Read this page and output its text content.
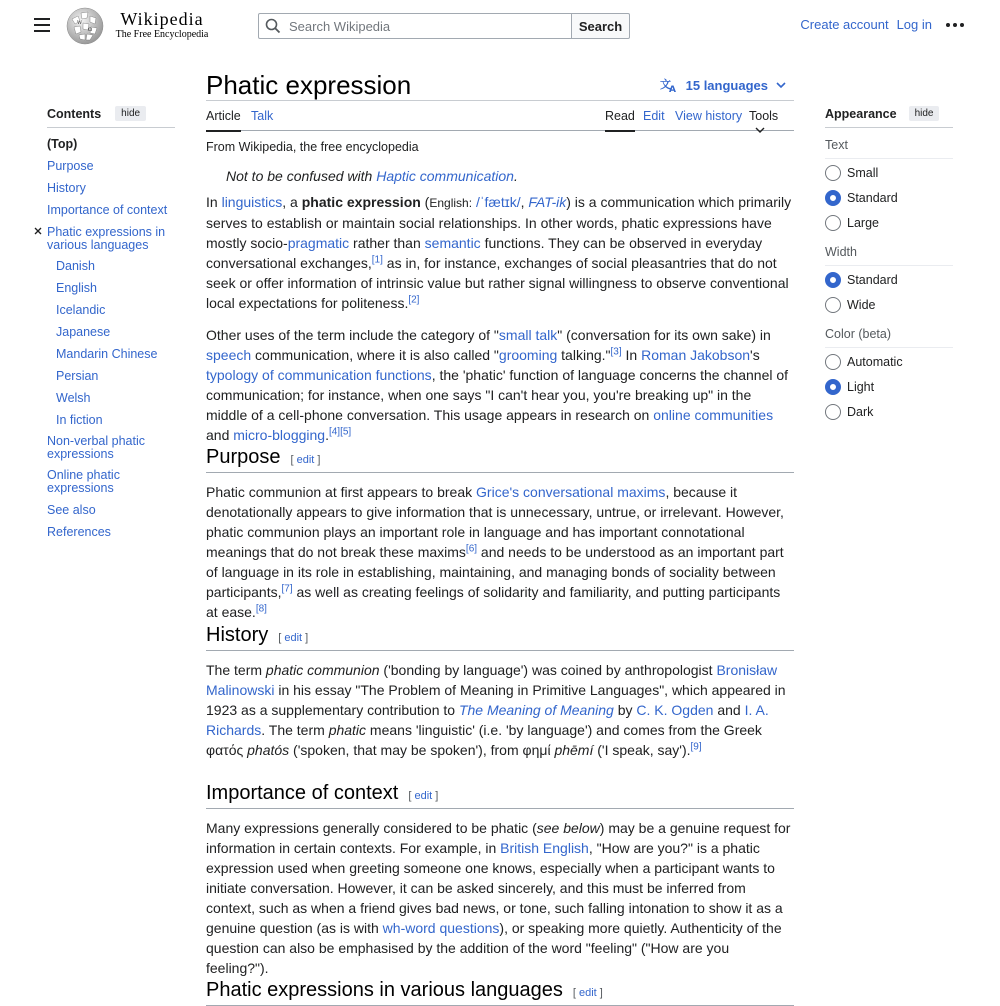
W
Ω
Wikipedia
The Free Encyclopedia
Search Wikipedia
Search	Create account Log in
Phatic expression	文
A 15 languages
Article Talk	Read Edit View history Tools
Contents	hide
(Top)
Purpose
History
Importance of context
Phatic expressions in various languages
Danish
English
Icelandic
Japanese
Mandarin Chinese
Persian
Welsh
In fiction
Non-verbal phatic expressions
Online phatic expressions
See also
References
Appearance	hide
Text
Small
Standard
Large
Width
Standard
Wide
Color (beta)
Automatic
Light
Dark

From Wikipedia, the free encyclopedia

Not to be confused with Haptic communication.

In linguistics, a phatic expression (English: /ˈfætɪk/, FAT-ik) is a communication which primarily serves to establish or maintain social relationships. In other words, phatic expressions have mostly socio-pragmatic rather than semantic functions. They can be observed in everyday conversational exchanges,[1] as in, for instance, exchanges of social pleasantries that do not seek or offer information of intrinsic value but rather signal willingness to observe conventional local expectations for politeness.[2]

Other uses of the term include the category of "small talk" (conversation for its own sake) in speech communication, where it is also called "grooming talking."[3] In Roman Jakobson's typology of communication functions, the 'phatic' function of language concerns the channel of communication; for instance, when one says "I can't hear you, you're breaking up" in the middle of a cell-phone conversation. This usage appears in research on online communities and micro-blogging.[4][5]

Purpose [ edit ]

Phatic communion at first appears to break Grice's conversational maxims, because it denotationally appears to give information that is unnecessary, untrue, or irrelevant. However, phatic communion plays an important role in language and has important connotational meanings that do not break these maxims[6] and needs to be understood as an important part of language in its role in establishing, maintaining, and managing bonds of sociality between participants,[7] as well as creating feelings of solidarity and familiarity, and putting participants at ease.[8]

History [ edit ]

The term phatic communion ('bonding by language') was coined by anthropologist Bronisław Malinowski in his essay "The Problem of Meaning in Primitive Languages", which appeared in 1923 as a supplementary contribution to The Meaning of Meaning by C. K. Ogden and I. A. Richards. The term phatic means 'linguistic' (i.e. 'by language') and comes from the Greek φατός phatós ('spoken, that may be spoken'), from φημί phēmí ('I speak, say').[9]

Importance of context [ edit ]

Many expressions generally considered to be phatic (see below) may be a genuine request for information in certain contexts. For example, in British English, "How are you?" is a phatic expression used when greeting someone one knows, especially when a participant wants to initiate conversation. However, it can be asked sincerely, and this must be inferred from context, such as when a friend gives bad news, or tone, such falling intonation to show it as a genuine question (as is with wh-word questions), or speaking more quietly. Authenticity of the question can also be emphasised by the addition of the word "feeling" ("How are you feeling?").

Phatic expressions in various languages [ edit ]
